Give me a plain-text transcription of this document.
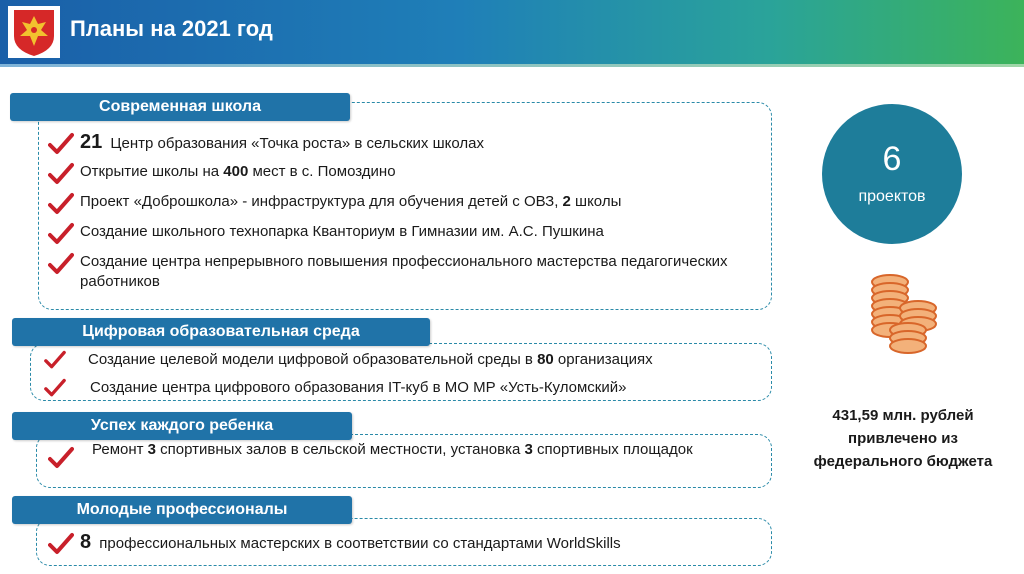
Планы на 2021 год
Современная школа
21 Центр образования «Точка роста» в сельских школах
Открытие школы на 400 мест в с. Помоздино
Проект «Доброшкола» - инфраструктура для обучения детей с ОВЗ, 2 школы
Создание школьного технопарка Кванториум в Гимназии им. А.С. Пушкина
Создание центра непрерывного повышения профессионального мастерства педагогических работников
Цифровая образовательная среда
Создание целевой модели цифровой образовательной среды в 80 организациях
Создание центра цифрового образования IT-куб в МО МР «Усть-Куломский»
Успех каждого ребенка
Ремонт 3 спортивных залов в сельской местности, установка 3 спортивных площадок
Молодые профессионалы
8 профессиональных мастерских в соответствии со стандартами WorldSkills
6
проектов
431,59 млн. рублей привлечено из федерального бюджета
